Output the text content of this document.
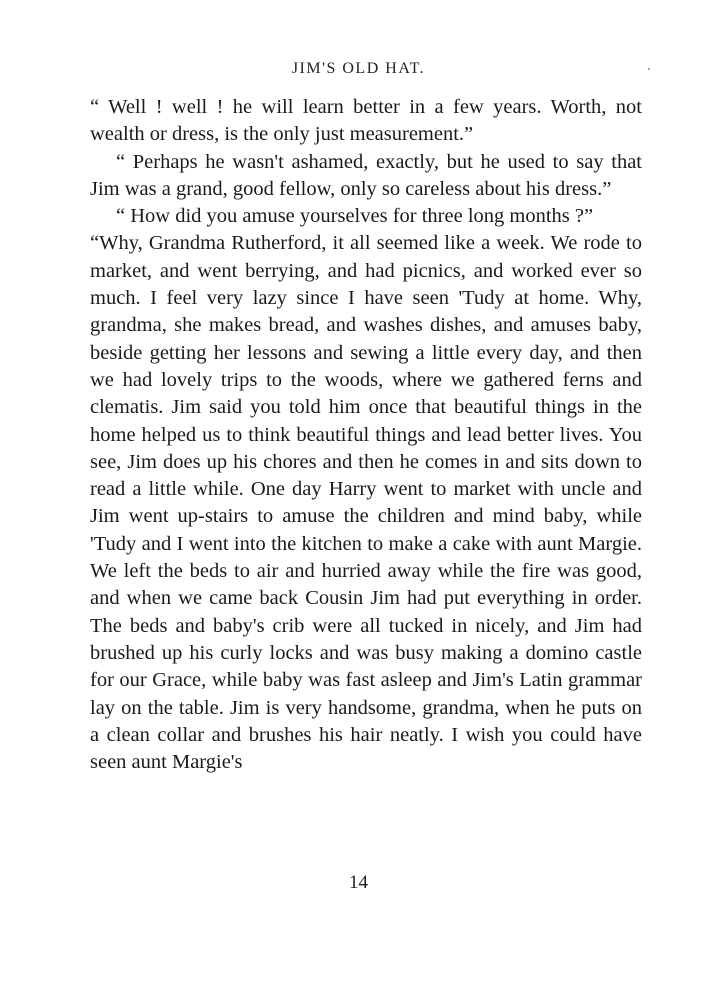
JIM'S OLD HAT.

“ Well ! well ! he will learn better in a few years. Worth, not wealth or dress, is the only just measurement.”

“ Perhaps he wasn't ashamed, exactly, but he used to say that Jim was a grand, good fellow, only so careless about his dress.”

“ How did you amuse yourselves for three long months ?”

“Why, Grandma Rutherford, it all seemed like a week. We rode to market, and went berrying, and had picnics, and worked ever so much. I feel very lazy since I have seen 'Tudy at home. Why, grandma, she makes bread, and washes dishes, and amuses baby, beside getting her lessons and sewing a little every day, and then we had lovely trips to the woods, where we gathered ferns and clematis. Jim said you told him once that beautiful things in the home helped us to think beautiful things and lead better lives. You see, Jim does up his chores and then he comes in and sits down to read a little while. One day Harry went to market with uncle and Jim went up-stairs to amuse the children and mind baby, while 'Tudy and I went into the kitchen to make a cake with aunt Margie. We left the beds to air and hurried away while the fire was good, and when we came back Cousin Jim had put everything in order. The beds and baby's crib were all tucked in nicely, and Jim had brushed up his curly locks and was busy making a domino castle for our Grace, while baby was fast asleep and Jim's Latin grammar lay on the table. Jim is very handsome, grandma, when he puts on a clean collar and brushes his hair neatly. I wish you could have seen aunt Margie's

14
